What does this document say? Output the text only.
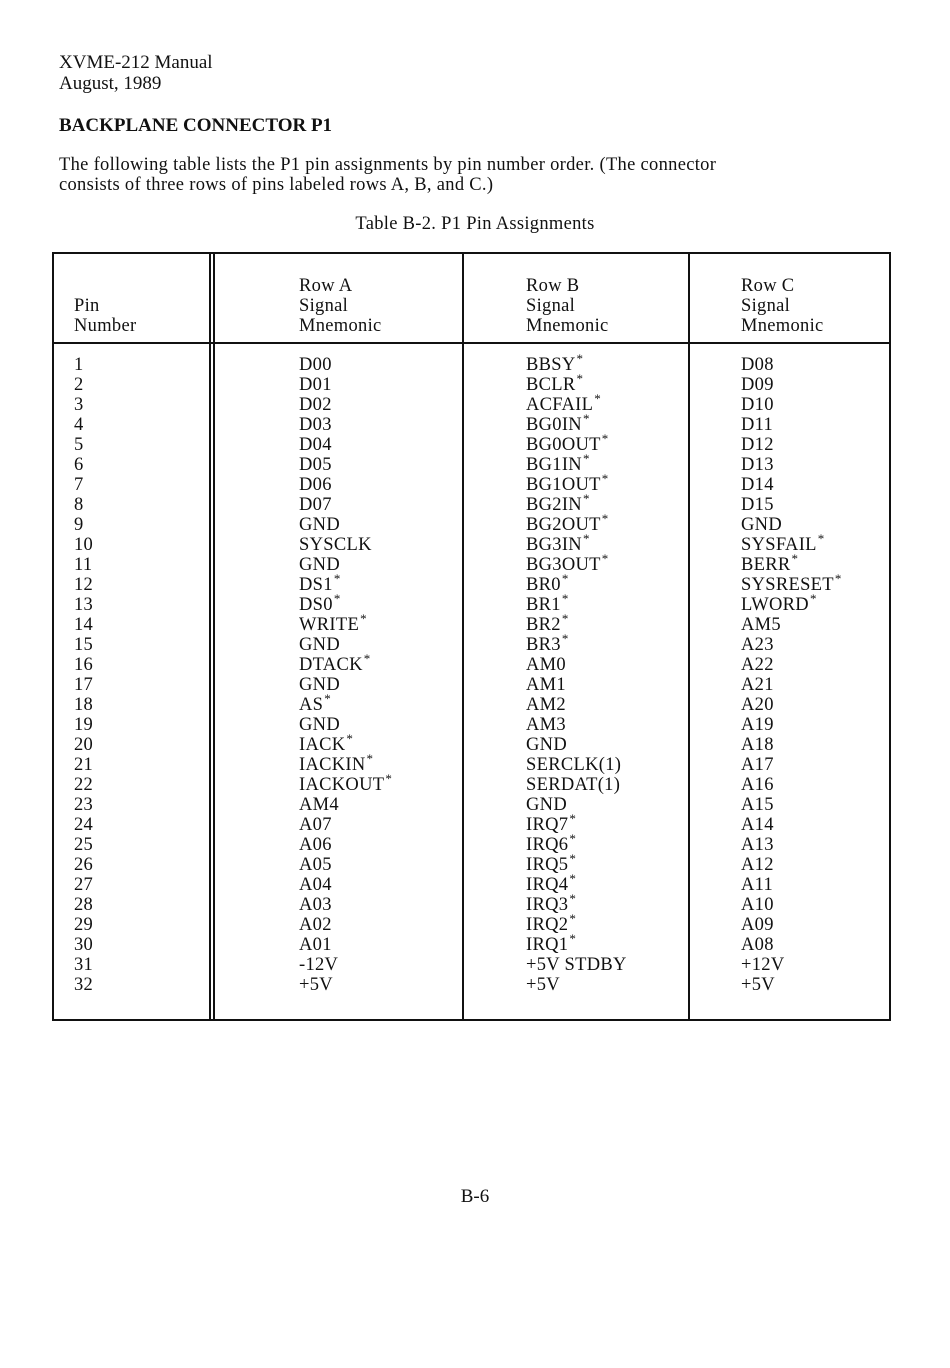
XVME-212 Manual
August, 1989
BACKPLANE CONNECTOR P1
The following table lists the P1 pin assignments by pin number order. (The connector
consists of three rows of pins labeled rows A, B, and C.)
Table B-2. P1 Pin Assignments

Pin
Number
Row A
Signal
Mnemonic
Row B
Signal
Mnemonic
Row C
Signal
Mnemonic
1
2
3
4
5
6
7
8
9
10
11
12
13
14
15
16
17
18
19
20
21
22
23
24
25
26
27
28
29
30
31
32
D00
D01
D02
D03
D04
D05
D06
D07
GND
SYSCLK
GND
DS1*
DS0*
WRITE*
GND
DTACK*
GND
AS*
GND
IACK*
IACKIN*
IACKOUT*
AM4
A07
A06
A05
A04
A03
A02
A01
-12V
+5V
BBSY*
BCLR*
ACFAIL*
BG0IN*
BG0OUT*
BG1IN*
BG1OUT*
BG2IN*
BG2OUT*
BG3IN*
BG3OUT*
BR0*
BR1*
BR2*
BR3*
AM0
AM1
AM2
AM3
GND
SERCLK(1)
SERDAT(1)
GND
IRQ7*
IRQ6*
IRQ5*
IRQ4*
IRQ3*
IRQ2*
IRQ1*
+5V STDBY
+5V
D08
D09
D10
D11
D12
D13
D14
D15
GND
SYSFAIL*
BERR*
SYSRESET*
LWORD*
AM5
A23
A22
A21
A20
A19
A18
A17
A16
A15
A14
A13
A12
A11
A10
A09
A08
+12V
+5V
B-6
